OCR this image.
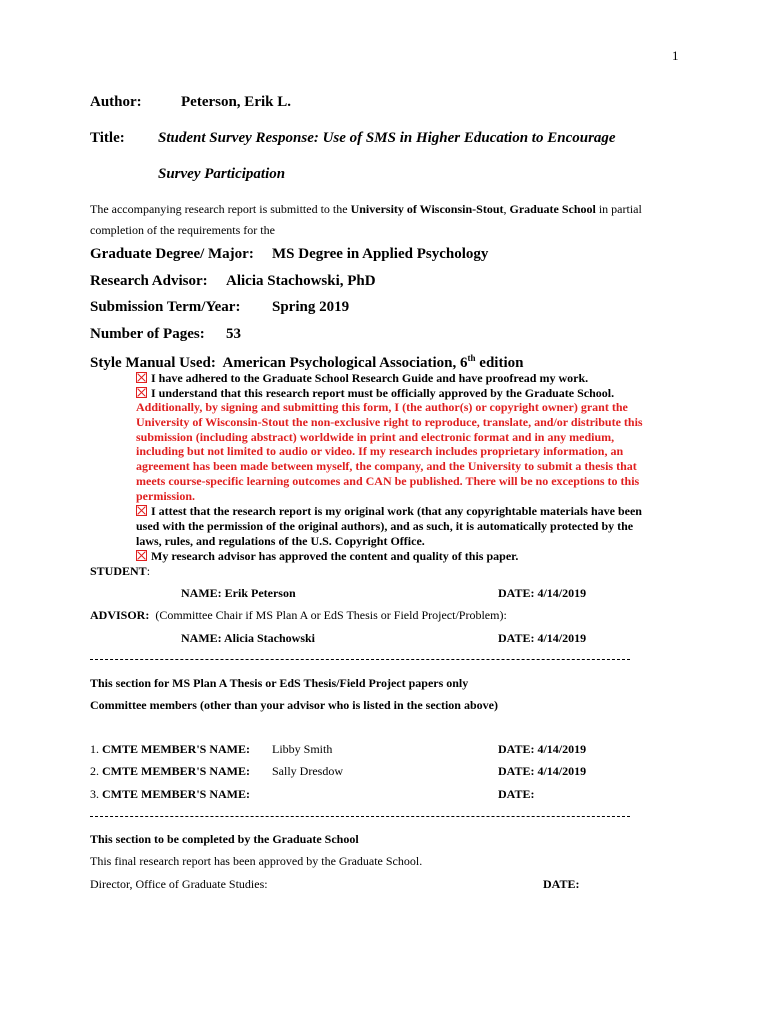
1
Author:	Peterson, Erik L.
Title: Student Survey Response: Use of SMS in Higher Education to Encourage
Survey Participation
The accompanying research report is submitted to the University of Wisconsin-Stout, Graduate School in partial
completion of the requirements for the
Graduate Degree/ Major: MS Degree in Applied Psychology
Research Advisor: Alicia Stachowski, PhD
Submission Term/Year: Spring 2019
Number of Pages: 53
Style Manual Used: American Psychological Association, 6th edition
I have adhered to the Graduate School Research Guide and have proofread my work.
I understand that this research report must be officially approved by the Graduate School.
Additionally, by signing and submitting this form, I (the author(s) or copyright owner) grant the
University of Wisconsin-Stout the non-exclusive right to reproduce, translate, and/or distribute this
submission (including abstract) worldwide in print and electronic format and in any medium,
including but not limited to audio or video. If my research includes proprietary information, an
agreement has been made between myself, the company, and the University to submit a thesis that
meets course-specific learning outcomes and CAN be published. There will be no exceptions to this
permission.
I attest that the research report is my original work (that any copyrightable materials have been
used with the permission of the original authors), and as such, it is automatically protected by the
laws, rules, and regulations of the U.S. Copyright Office.
My research advisor has approved the content and quality of this paper.
STUDENT:
NAME: Erik Peterson	DATE: 4/14/2019
ADVISOR: (Committee Chair if MS Plan A or EdS Thesis or Field Project/Problem):
NAME: Alicia Stachowski	DATE: 4/14/2019
This section for MS Plan A Thesis or EdS Thesis/Field Project papers only
Committee members (other than your advisor who is listed in the section above)
1. CMTE MEMBER'S NAME: Libby Smith	DATE: 4/14/2019
2. CMTE MEMBER'S NAME: Sally Dresdow	DATE: 4/14/2019
3. CMTE MEMBER'S NAME:	DATE:
This section to be completed by the Graduate School
This final research report has been approved by the Graduate School.
Director, Office of Graduate Studies:	DATE:
